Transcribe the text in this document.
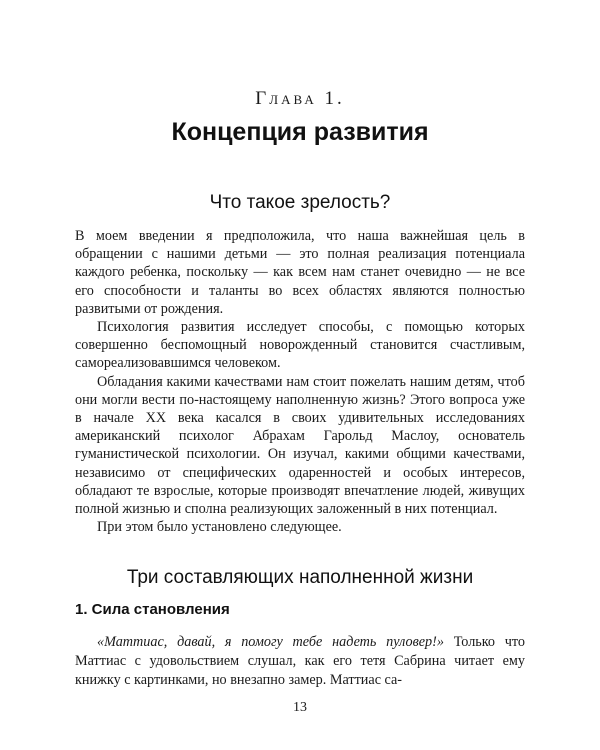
Глава 1.
Концепция развития
Что такое зрелость?

В моем введении я предположила, что наша важнейшая цель в обращении с нашими детьми — это полная реализация потенциала каждого ребенка, поскольку — как всем нам станет очевидно — не все его способности и таланты во всех областях являются полностью развитыми от рождения.

Психология развития исследует способы, с помощью которых совершенно беспомощный новорожденный становится счастливым, самореализовавшимся человеком.

Обладания какими качествами нам стоит пожелать нашим детям, чтоб они могли вести по-настоящему наполненную жизнь? Этого вопроса уже в начале XX века касался в своих удивительных исследованиях американский психолог Абрахам Гарольд Маслоу, основатель гуманистической психологии. Он изучал, какими общими качествами, независимо от специфических одаренностей и особых интересов, обладают те взрослые, которые производят впечатление людей, живущих полной жизнью и сполна реализующих заложенный в них потенциал.

При этом было установлено следующее.

Три составляющих наполненной жизни
1. Сила становления

«Маттиас, давай, я помогу тебе надеть пуловер!» Только что Маттиас с удовольствием слушал, как его тетя Сабрина читает ему книжку с картинками, но внезапно замер. Маттиас са-

13
